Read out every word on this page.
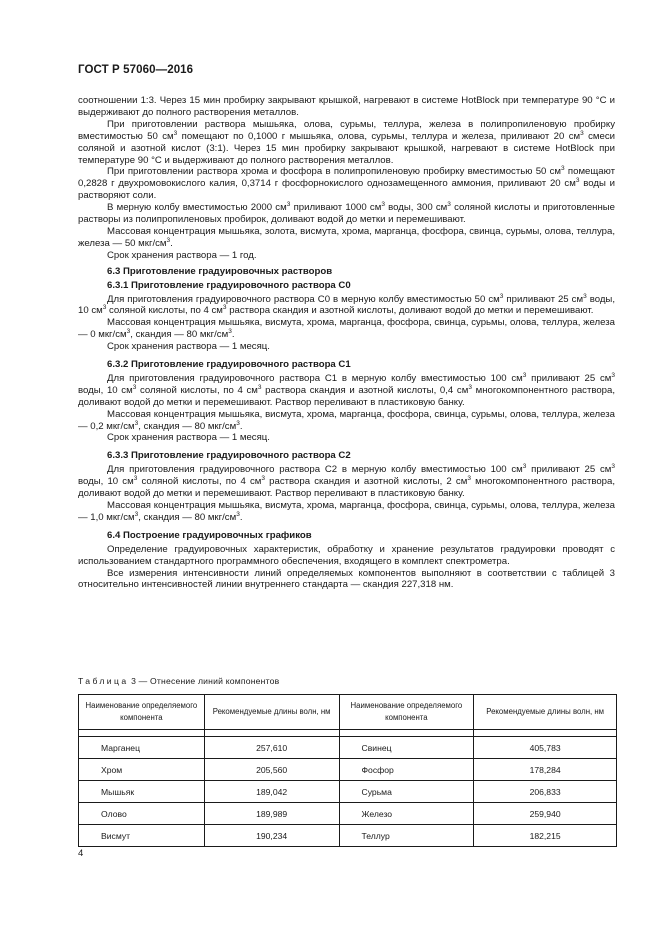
ГОСТ Р 57060—2016

соотношении 1:3. Через 15 мин пробирку закрывают крышкой, нагревают в системе HotBlock при температуре 90 °С и выдерживают до полного растворения металлов.

При приготовлении раствора мышьяка, олова, сурьмы, теллура, железа в полипропиленовую пробирку вместимостью 50 $см^3$ помещают по 0,1000 г мышьяка, олова, сурьмы, теллура и железа, приливают 20 $см^3$ смеси соляной и азотной кислот (3:1). Через 15 мин пробирку закрывают крышкой, нагревают в системе HotBlock при температуре 90 °С и выдерживают до полного растворения металлов.

При приготовлении раствора хрома и фосфора в полипропиленовую пробирку вместимостью 50 $см^3$ помещают 0,2828 г двухромовокислого калия, 0,3714 г фосфорнокислого однозамещенного аммония, приливают 20 $см^3$ воды и растворяют соли.

В мерную колбу вместимостью 2000 $см^3$ приливают 1000 $см^3$ воды, 300 $см^3$ соляной кислоты и приготовленные растворы из полипропиленовых пробирок, доливают водой до метки и перемешивают.

Массовая концентрация мышьяка, золота, висмута, хрома, марганца, фосфора, свинца, сурьмы, олова, теллура, железа — 50 мкг/$см^3$.

Срок хранения раствора — 1 год.

6.3 Приготовление градуировочных растворов

6.3.1 Приготовление градуировочного раствора С0

Для приготовления градуировочного раствора С0 в мерную колбу вместимостью 50 $см^3$ приливают 25 $см^3$ воды, 10 $см^3$ соляной кислоты, по 4 $см^3$ раствора скандия и азотной кислоты, доливают водой до метки и перемешивают.

Массовая концентрация мышьяка, висмута, хрома, марганца, фосфора, свинца, сурьмы, олова, теллура, железа — 0 мкг/$см^3$, скандия — 80 мкг/$см^3$.

Срок хранения раствора — 1 месяц.

6.3.2 Приготовление градуировочного раствора С1

Для приготовления градуировочного раствора С1 в мерную колбу вместимостью 100 $см^3$ приливают 25 $см^3$ воды, 10 $см^3$ соляной кислоты, по 4 $см^3$ раствора скандия и азотной кислоты, 0,4 $см^3$ многокомпонентного раствора, доливают водой до метки и перемешивают. Раствор переливают в пластиковую банку.

Массовая концентрация мышьяка, висмута, хрома, марганца, фосфора, свинца, сурьмы, олова, теллура, железа — 0,2 мкг/$см^3$, скандия — 80 мкг/$см^3$.

Срок хранения раствора — 1 месяц.

6.3.3 Приготовление градуировочного раствора С2

Для приготовления градуировочного раствора С2 в мерную колбу вместимостью 100 $см^3$ приливают 25 $см^3$ воды, 10 $см^3$ соляной кислоты, по 4 $см^3$ раствора скандия и азотной кислоты, 2 $см^3$ многокомпонентного раствора, доливают водой до метки и перемешивают. Раствор переливают в пластиковую банку.

Массовая концентрация мышьяка, висмута, хрома, марганца, фосфора, свинца, сурьмы, олова, теллура, железа — 1,0 мкг/$см^3$, скандия — 80 мкг/$см^3$.

6.4 Построение градуировочных графиков

Определение градуировочных характеристик, обработку и хранение результатов градуировки проводят с использованием стандартного программного обеспечения, входящего в комплект спектрометра.

Все измерения интенсивности линий определяемых компонентов выполняют в соответствии с таблицей 3 относительно интенсивностей линии внутреннего стандарта — скандия 227,318 нм.

Таблица 3 — Отнесение линий компонентов
Наименование определяемого компонента	Рекомендуемые длины волн, нм	Наименование определяемого компонента	Рекомендуемые длины волн, нм

Марганец	257,610	Свинец	405,783
Хром	205,560	Фосфор	178,284
Мышьяк	189,042	Сурьма	206,833
Олово	189,989	Железо	259,940
Висмут	190,234	Теллур	182,215
4
